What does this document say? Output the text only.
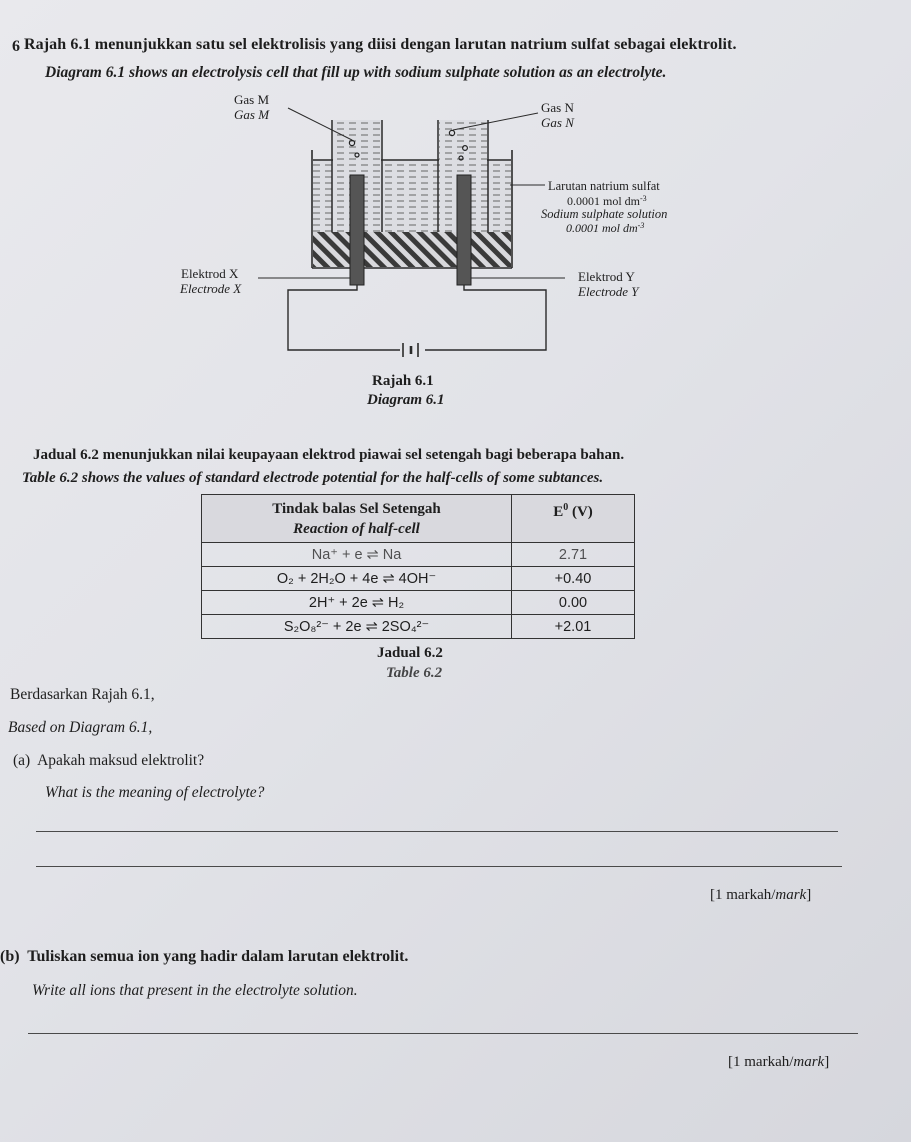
6 Rajah 6.1 menunjukkan satu sel elektrolisis yang diisi dengan larutan natrium sulfat sebagai elektrolit.
Diagram 6.1 shows an electrolysis cell that fill up with sodium sulphate solution as an electrolyte.
Gas M
Gas M	Gas N
Gas N
Larutan natrium sulfat
0.0001 mol $dm^{-3}$
Sodium sulphate solution
0.0001 mol $dm^{-3}$
Elektrod X
Electrode X
Elektrod Y
Electrode Y
Rajah 6.1
Diagram 6.1
Jadual 6.2 menunjukkan nilai keupayaan elektrod piawai sel setengah bagi beberapa bahan.
Table 6.2 shows the values of standard electrode potential for the half-cells of some subtances.
Tindak balas Sel Setengah
Reaction of half-cell	$E^0$ (V)
Na⁺ + e ⇌ Na	2.71
O₂ + 2H₂O + 4e ⇌ 4OH⁻	+0.40
2H⁺ + 2e ⇌ H₂	0.00
S₂O₈²⁻ + 2e ⇌ 2SO₄²⁻	+2.01
Jadual 6.2
Table 6.2
Berdasarkan Rajah 6.1,
Based on Diagram 6.1,
(a) Apakah maksud elektrolit?
What is the meaning of electrolyte?
[1 markah/mark]
(b) Tuliskan semua ion yang hadir dalam larutan elektrolit.
Write all ions that present in the electrolyte solution.
[1 markah/mark]
